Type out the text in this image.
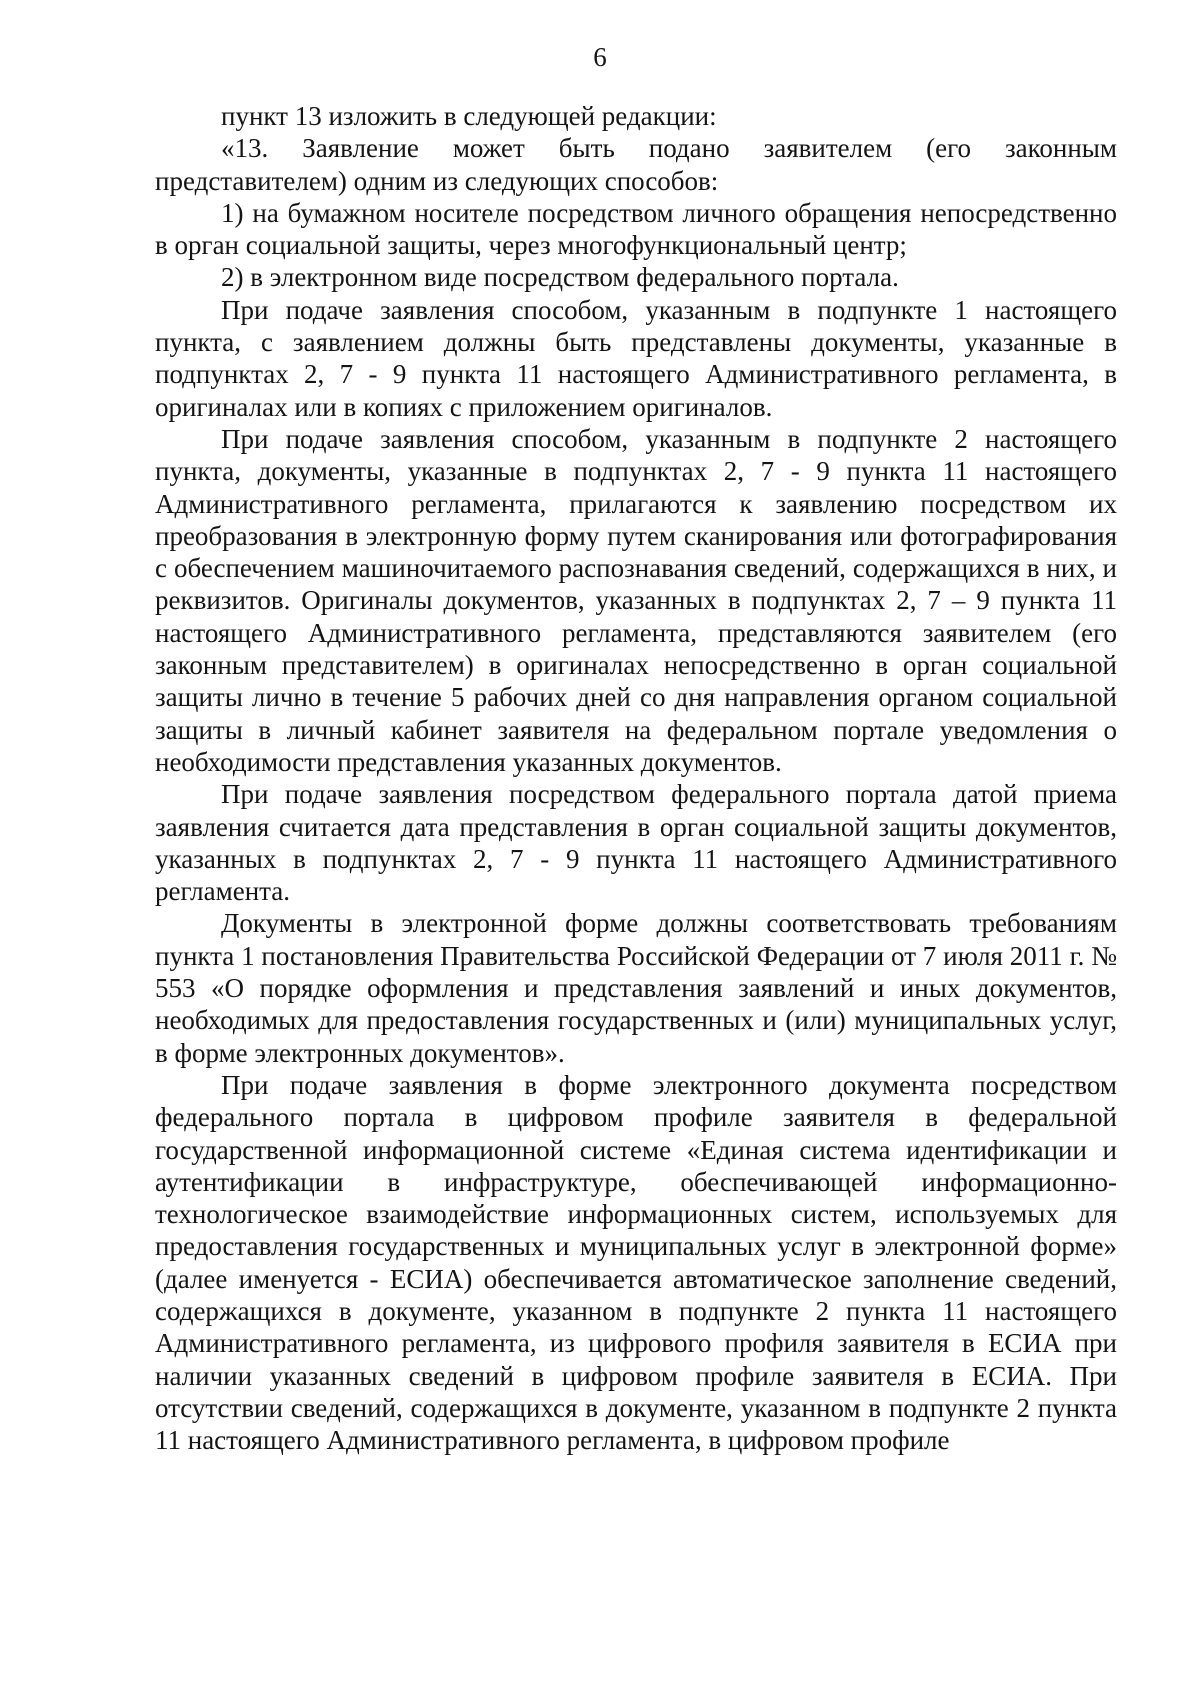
6

пункт 13 изложить в следующей редакции:

«13. Заявление может быть подано заявителем (его законным представителем) одним из следующих способов:

1) на бумажном носителе посредством личного обращения непосредственно в орган социальной защиты, через многофункциональный центр;

2) в электронном виде посредством федерального портала.

При подаче заявления способом, указанным в подпункте 1 настоящего пункта, с заявлением должны быть представлены документы, указанные в подпунктах 2, 7 - 9 пункта 11 настоящего Административного регламента, в оригиналах или в копиях с приложением оригиналов.

При подаче заявления способом, указанным в подпункте 2 настоящего пункта, документы, указанные в подпунктах 2, 7 - 9 пункта 11 настоящего Административного регламента, прилагаются к заявлению посредством их преобразования в электронную форму путем сканирования или фотографирования с обеспечением машиночитаемого распознавания сведений, содержащихся в них, и реквизитов. Оригиналы документов, указанных в подпунктах 2, 7 – 9 пункта 11 настоящего Административного регламента, представляются заявителем (его законным представителем) в оригиналах непосредственно в орган социальной защиты лично в течение 5 рабочих дней со дня направления органом социальной защиты в личный кабинет заявителя на федеральном портале уведомления о необходимости представления указанных документов.

При подаче заявления посредством федерального портала датой приема заявления считается дата представления в орган социальной защиты документов, указанных в подпунктах 2, 7 - 9 пункта 11 настоящего Административного регламента.

Документы в электронной форме должны соответствовать требованиям пункта 1 постановления Правительства Российской Федерации от 7 июля 2011 г. № 553 «О порядке оформления и представления заявлений и иных документов, необходимых для предоставления государственных и (или) муниципальных услуг, в форме электронных документов».

При подаче заявления в форме электронного документа посредством федерального портала в цифровом профиле заявителя в федеральной государственной информационной системе «Единая система идентификации и аутентификации в инфраструктуре, обеспечивающей информационно-технологическое взаимодействие информационных систем, используемых для предоставления государственных и муниципальных услуг в электронной форме» (далее именуется - ЕСИА) обеспечивается автоматическое заполнение сведений, содержащихся в документе, указанном в подпункте 2 пункта 11 настоящего Административного регламента, из цифрового профиля заявителя в ЕСИА при наличии указанных сведений в цифровом профиле заявителя в ЕСИА. При отсутствии сведений, содержащихся в документе, указанном в подпункте 2 пункта 11 настоящего Административного регламента, в цифровом профиле
